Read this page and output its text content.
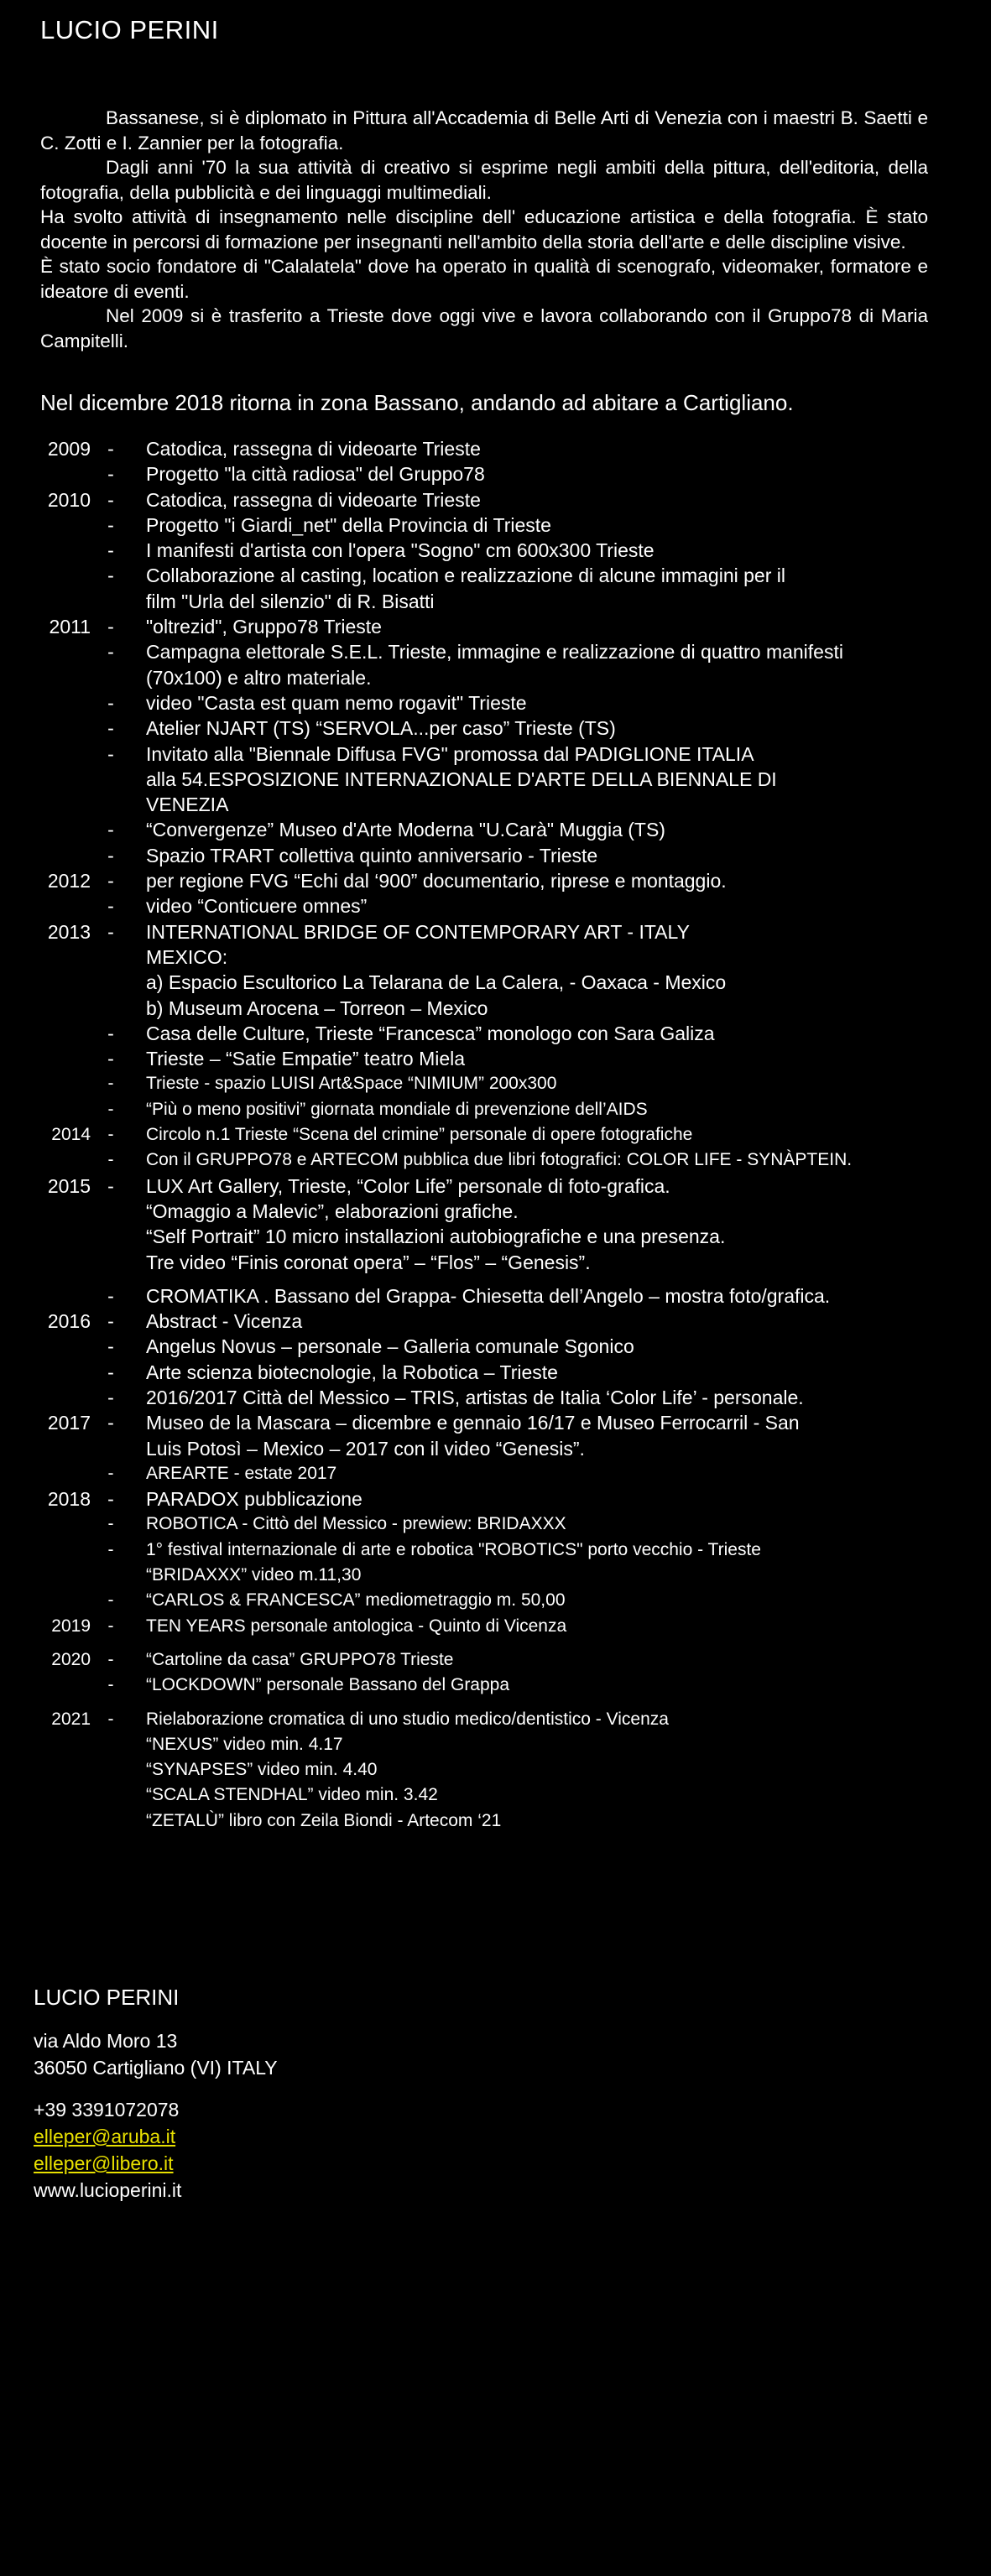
LUCIO PERINI

Bassanese, si è diplomato in Pittura all'Accademia di Belle Arti di Venezia con i maestri B. Saetti e C. Zotti e I. Zannier per la fotografia.

Dagli anni '70 la sua attività di creativo si esprime negli ambiti della pittura, dell'editoria, della fotografia, della pubblicità e dei linguaggi multimediali.

Ha svolto attività di insegnamento nelle discipline dell' educazione artistica e della fotografia. È stato docente in percorsi di formazione per insegnanti nell'ambito della storia dell'arte e delle discipline visive.

È stato socio fondatore di "Calalatela" dove ha operato in qualità di scenografo, videomaker, formatore e ideatore di eventi.

Nel 2009 si è trasferito a Trieste dove oggi vive e lavora collaborando con il Gruppo78 di Maria Campitelli.

Nel dicembre 2018 ritorna in zona Bassano, andando ad abitare a Cartigliano.

2009 -	Catodica, rassegna di videoarte Trieste
-	Progetto "la città radiosa" del Gruppo78
2010 -	Catodica, rassegna di videoarte Trieste
-	Progetto "i Giardi_net" della Provincia di Trieste
-	I manifesti d'artista con l'opera "Sogno" cm 600x300 Trieste
-	Collaborazione al casting, location e realizzazione di alcune immagini per il
film "Urla del silenzio" di R. Bisatti
2011 -	"oltrezid", Gruppo78 Trieste
-	Campagna elettorale S.E.L. Trieste, immagine e realizzazione di quattro manifesti
(70x100) e altro materiale.
-	video "Casta est quam nemo rogavit" Trieste
-	Atelier NJART (TS) “SERVOLA...per caso” Trieste (TS)
-	Invitato alla "Biennale Diffusa FVG" promossa dal PADIGLIONE ITALIA
alla 54.ESPOSIZIONE INTERNAZIONALE D'ARTE DELLA BIENNALE DI
VENEZIA
-	“Convergenze” Museo d'Arte Moderna "U.Carà" Muggia (TS)
-	Spazio TRART collettiva quinto anniversario - Trieste
2012 -	per regione FVG “Echi dal ‘900” documentario, riprese e montaggio.
-	video “Conticuere omnes”
2013 -	INTERNATIONAL BRIDGE OF CONTEMPORARY ART - ITALY
MEXICO:
a) Espacio Escultorico La Telarana de La Calera, - Oaxaca - Mexico
b) Museum Arocena – Torreon – Mexico
-	Casa delle Culture, Trieste “Francesca” monologo con Sara Galiza
-	Trieste – “Satie Empatie” teatro Miela
-	Trieste - spazio LUISI Art&Space “NIMIUM” 200x300
-	“Più o meno positivi” giornata mondiale di prevenzione dell’AIDS
2014 -	Circolo n.1 Trieste “Scena del crimine” personale di opere fotografiche
-	Con il GRUPPO78 e ARTECOM pubblica due libri fotografici: COLOR LIFE - SYNÀPTEIN.
2015 -	LUX Art Gallery, Trieste, “Color Life” personale di foto-grafica.
“Omaggio a Malevic”, elaborazioni grafiche.
“Self Portrait” 10 micro installazioni autobiografiche e una presenza.
Tre video “Finis coronat opera” – “Flos” – “Genesis”.
-	CROMATIKA . Bassano del Grappa- Chiesetta dell’Angelo – mostra foto/grafica.
2016 -	Abstract - Vicenza
-	Angelus Novus – personale – Galleria comunale Sgonico
-	Arte scienza biotecnologie, la Robotica – Trieste
-	2016/2017 Città del Messico – TRIS, artistas de Italia ‘Color Life’ - personale.
2017 -	Museo de la Mascara – dicembre e gennaio 16/17 e Museo Ferrocarril - San
Luis Potosì – Mexico – 2017 con il video “Genesis”.
-	AREARTE - estate 2017
2018 -	PARADOX pubblicazione
-	ROBOTICA - Cittò del Messico - prewiew: BRIDAXXX
-	1° festival internazionale di arte e robotica "ROBOTICS" porto vecchio - Trieste
“BRIDAXXX” video m.11,30
-	“CARLOS & FRANCESCA” mediometraggio m. 50,00
2019 -	TEN YEARS personale antologica - Quinto di Vicenza
2020 -	“Cartoline da casa” GRUPPO78 Trieste
-	“LOCKDOWN” personale Bassano del Grappa
2021 -	Rielaborazione cromatica di uno studio medico/dentistico - Vicenza
“NEXUS” video min. 4.17
“SYNAPSES” video min. 4.40
“SCALA STENDHAL” video min. 3.42
“ZETALÙ” libro con Zeila Biondi - Artecom ‘21
LUCIO PERINI
via Aldo Moro 13
36050 Cartigliano (VI) ITALY
+39 3391072078
elleper@aruba.it
elleper@libero.it
www.lucioperini.it
